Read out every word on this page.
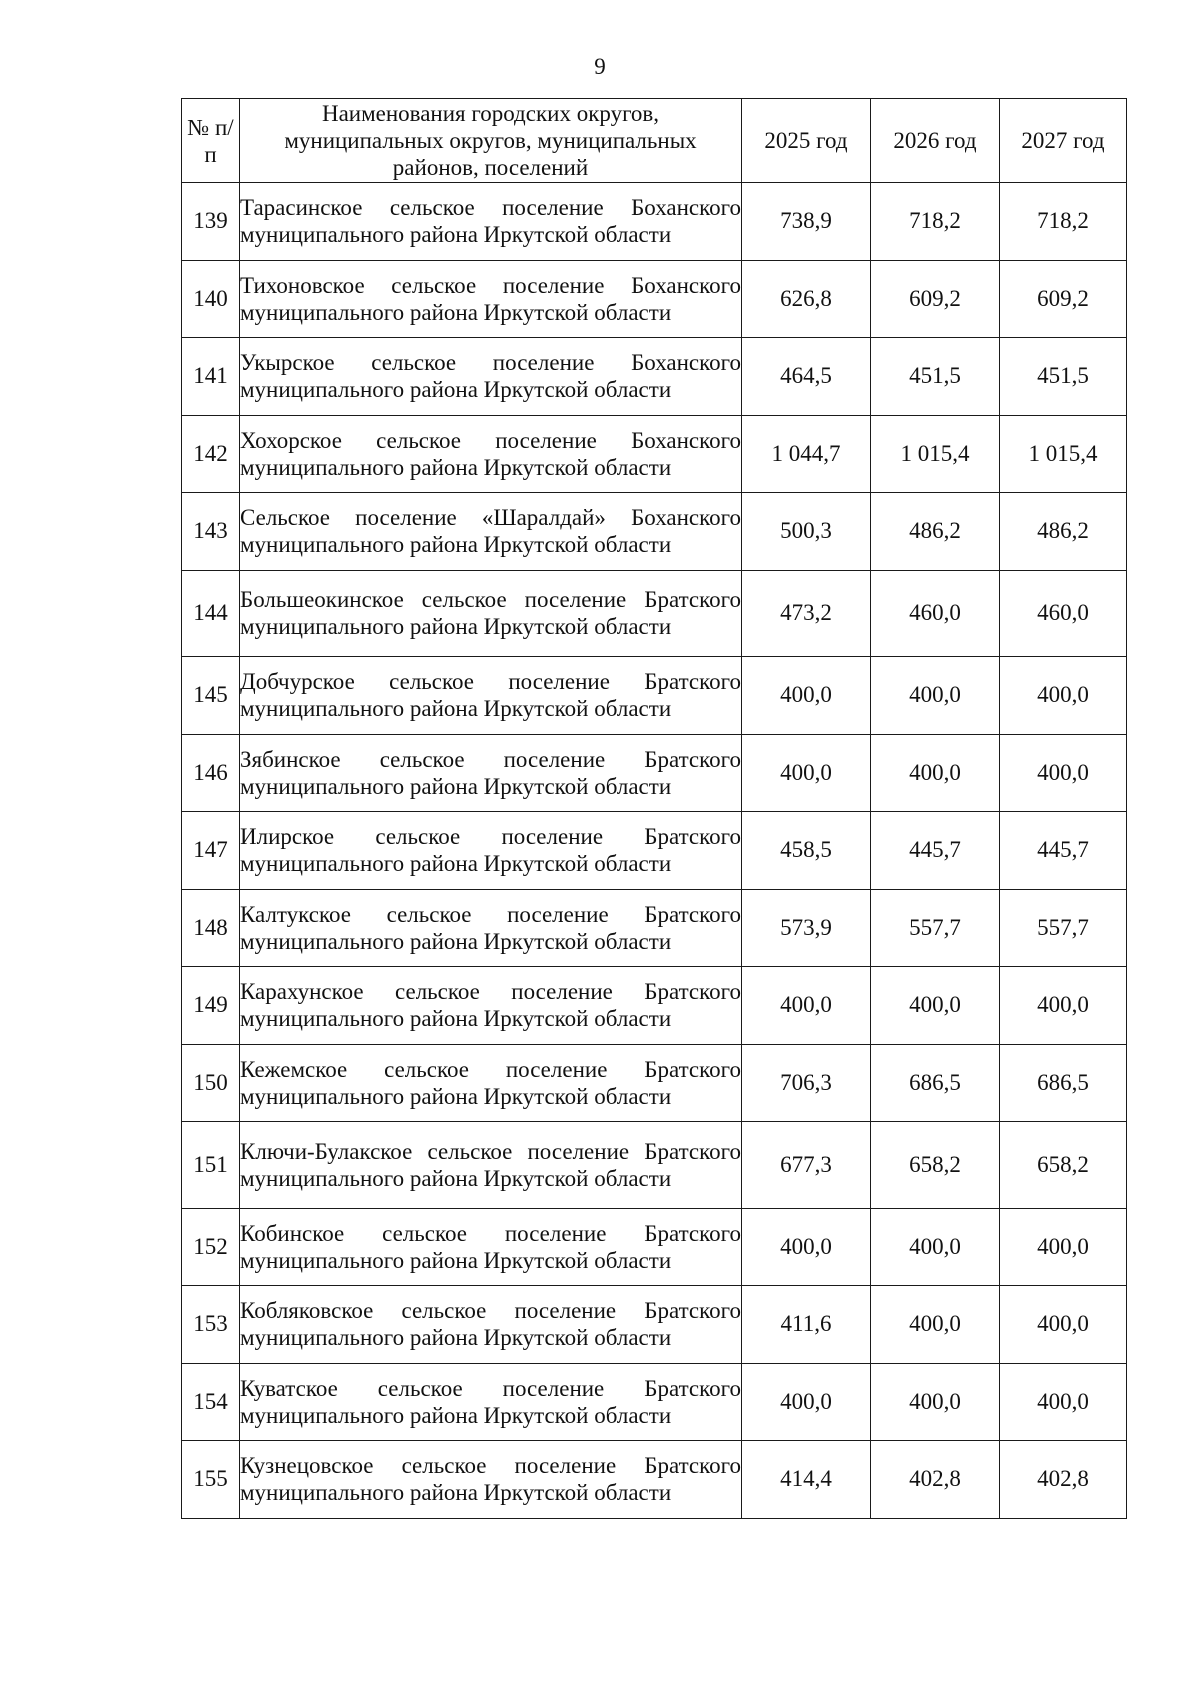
9
№ п/п	Наименования городских округов, муниципальных округов, муниципальных районов, поселений	2025 год	2026 год	2027 год
139	Тарасинское сельское поселение Боханского муниципального района Иркутской области	738,9	718,2	718,2
140	Тихоновское сельское поселение Боханского муниципального района Иркутской области	626,8	609,2	609,2
141	Укырское сельское поселение Боханского муниципального района Иркутской области	464,5	451,5	451,5
142	Хохорское сельское поселение Боханского муниципального района Иркутской области	1 044,7	1 015,4	1 015,4
143	Сельское поселение «Шаралдай» Боханского муниципального района Иркутской области	500,3	486,2	486,2
144	Большеокинское сельское поселение Братского муниципального района Иркутской области	473,2	460,0	460,0
145	Добчурское сельское поселение Братского муниципального района Иркутской области	400,0	400,0	400,0
146	Зябинское сельское поселение Братского муниципального района Иркутской области	400,0	400,0	400,0
147	Илирское сельское поселение Братского муниципального района Иркутской области	458,5	445,7	445,7
148	Калтукское сельское поселение Братского муниципального района Иркутской области	573,9	557,7	557,7
149	Карахунское сельское поселение Братского муниципального района Иркутской области	400,0	400,0	400,0
150	Кежемское сельское поселение Братского муниципального района Иркутской области	706,3	686,5	686,5
151	Ключи-Булакское сельское поселение Братского муниципального района Иркутской области	677,3	658,2	658,2
152	Кобинское сельское поселение Братского муниципального района Иркутской области	400,0	400,0	400,0
153	Кобляковское сельское поселение Братского муниципального района Иркутской области	411,6	400,0	400,0
154	Куватское сельское поселение Братского муниципального района Иркутской области	400,0	400,0	400,0
155	Кузнецовское сельское поселение Братского муниципального района Иркутской области	414,4	402,8	402,8
